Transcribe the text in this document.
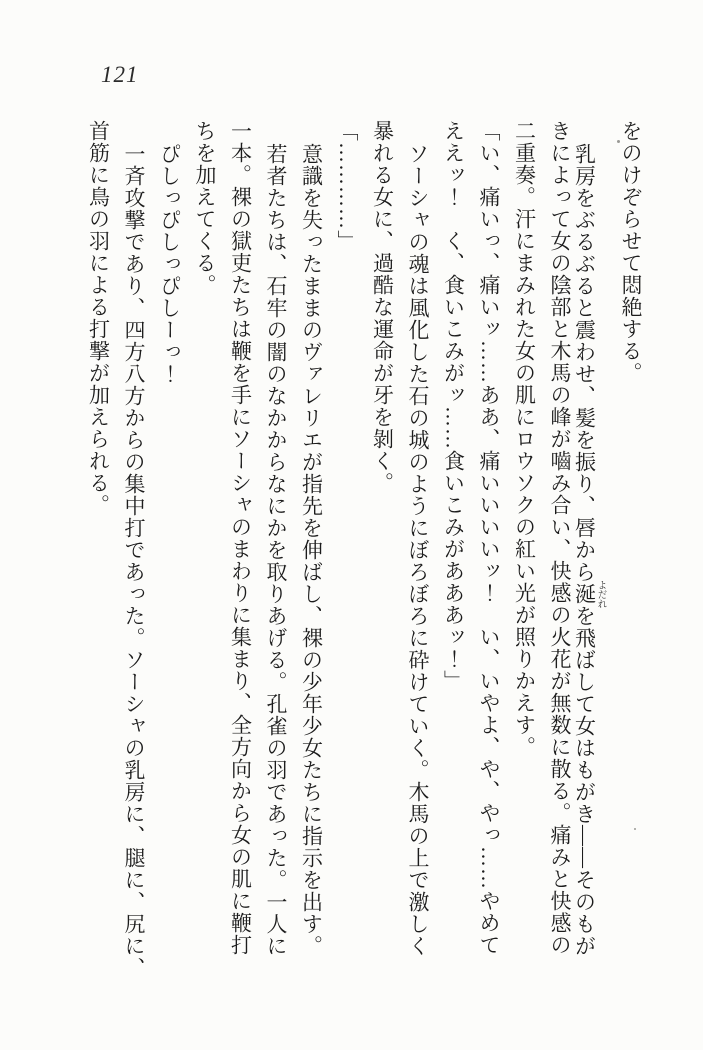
121
をのけぞらせて悶絶する。 乳房をぶるぶると震わせ、髪を振り、唇から涎 よだれを飛ばして女はもがき――そのもが きによって女の陰部と木馬の峰が嚙み合い、快感の火花が無数に散る。痛みと快感の 二重奏。汗にまみれた女の肌にロウソクの紅い光が照りかえす。 「い、痛いっ、痛いッ……ああ、痛いいいいッ！　い、いやよ、や、やっ……やめて ええッ！　く、食いこみがッ……食いこみがあああッ！」 ソーシャの魂は風化した石の城のようにぼろぼろに砕けていく。木馬の上で激しく 暴れる女に、過酷な運命が牙を剝く。 「…………」 意識を失ったままのヴァレリエが指先を伸ばし、裸の少年少女たちに指示を出す。 若者たちは、石牢の闇のなかからなにかを取りあげる。孔雀の羽であった。一人に 一本。裸の獄吏たちは鞭を手にソーシャのまわりに集まり、全方向から女の肌に鞭打 ちを加えてくる。 ぴしっぴしっぴしーっ！ 一斉攻撃であり、四方八方からの集中打であった。ソーシャの乳房に、腿に、尻に、 首筋に鳥の羽による打撃が加えられる。
